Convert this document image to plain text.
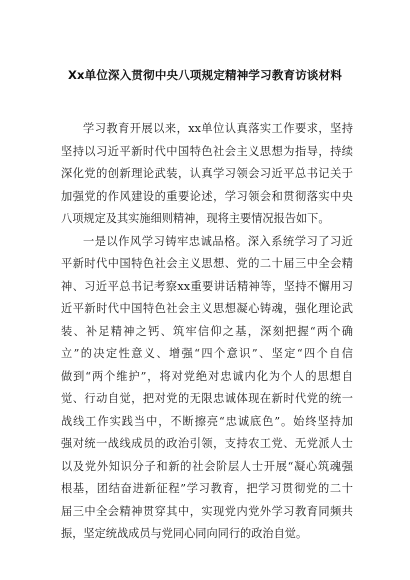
Xx单位深入贯彻中央八项规定精神学习教育访谈材料
学习教育开展以来，xx单位认真落实工作要求，坚持
坚持以习近平新时代中国特色社会主义思想为指导，持续
深化党的创新理论武装，认真学习领会习近平总书记关于
加强党的作风建设的重要论述，学习领会和贯彻落实中央
八项规定及其实施细则精神，现将主要情况报告如下。
一是以作风学习铸牢忠诚品格。深入系统学习了习近
平新时代中国特色社会主义思想、党的二十届三中全会精
神、习近平总书记考察xx重要讲话精神等，坚持不懈用习
近平新时代中国特色社会主义思想凝心铸魂，强化理论武
装、补足精神之钙、筑牢信仰之基，深刻把握“两个确
立”的决定性意义、增强“四个意识”、坚定“四个自信
做到“两个维护”，将对党绝对忠诚内化为个人的思想自
觉、行动自觉，把对党的无限忠诚体现在新时代党的统一
战线工作实践当中，不断擦亮“忠诚底色”。始终坚持加
强对统一战线成员的政治引领，支持农工党、无党派人士
以及党外知识分子和新的社会阶层人士开展“凝心筑魂强
根基，团结奋进新征程”学习教育，把学习贯彻党的二十
届三中全会精神贯穿其中，实现党内党外学习教育同频共
振，坚定统战成员与党同心同向同行的政治自觉。
